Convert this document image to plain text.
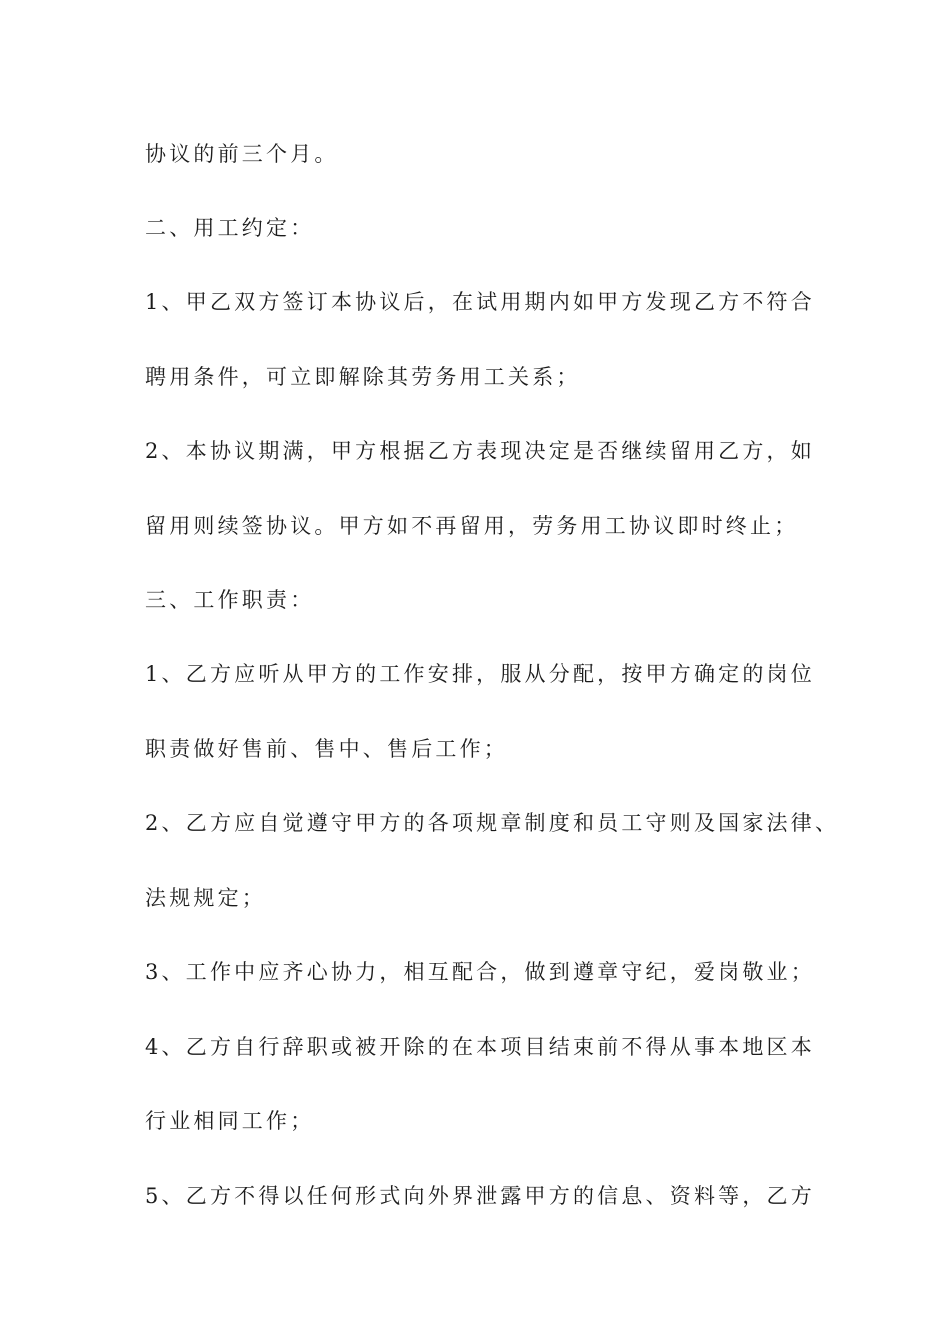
协议的前三个月。

二、用工约定：

1、甲乙双方签订本协议后，在试用期内如甲方发现乙方不符合

聘用条件，可立即解除其劳务用工关系；

2、本协议期满，甲方根据乙方表现决定是否继续留用乙方，如

留用则续签协议。甲方如不再留用，劳务用工协议即时终止；

三、工作职责：

1、乙方应听从甲方的工作安排，服从分配，按甲方确定的岗位

职责做好售前、售中、售后工作；

2、乙方应自觉遵守甲方的各项规章制度和员工守则及国家法律、

法规规定；

3、工作中应齐心协力，相互配合，做到遵章守纪，爱岗敬业；

4、乙方自行辞职或被开除的在本项目结束前不得从事本地区本

行业相同工作；

5、乙方不得以任何形式向外界泄露甲方的信息、资料等，乙方
